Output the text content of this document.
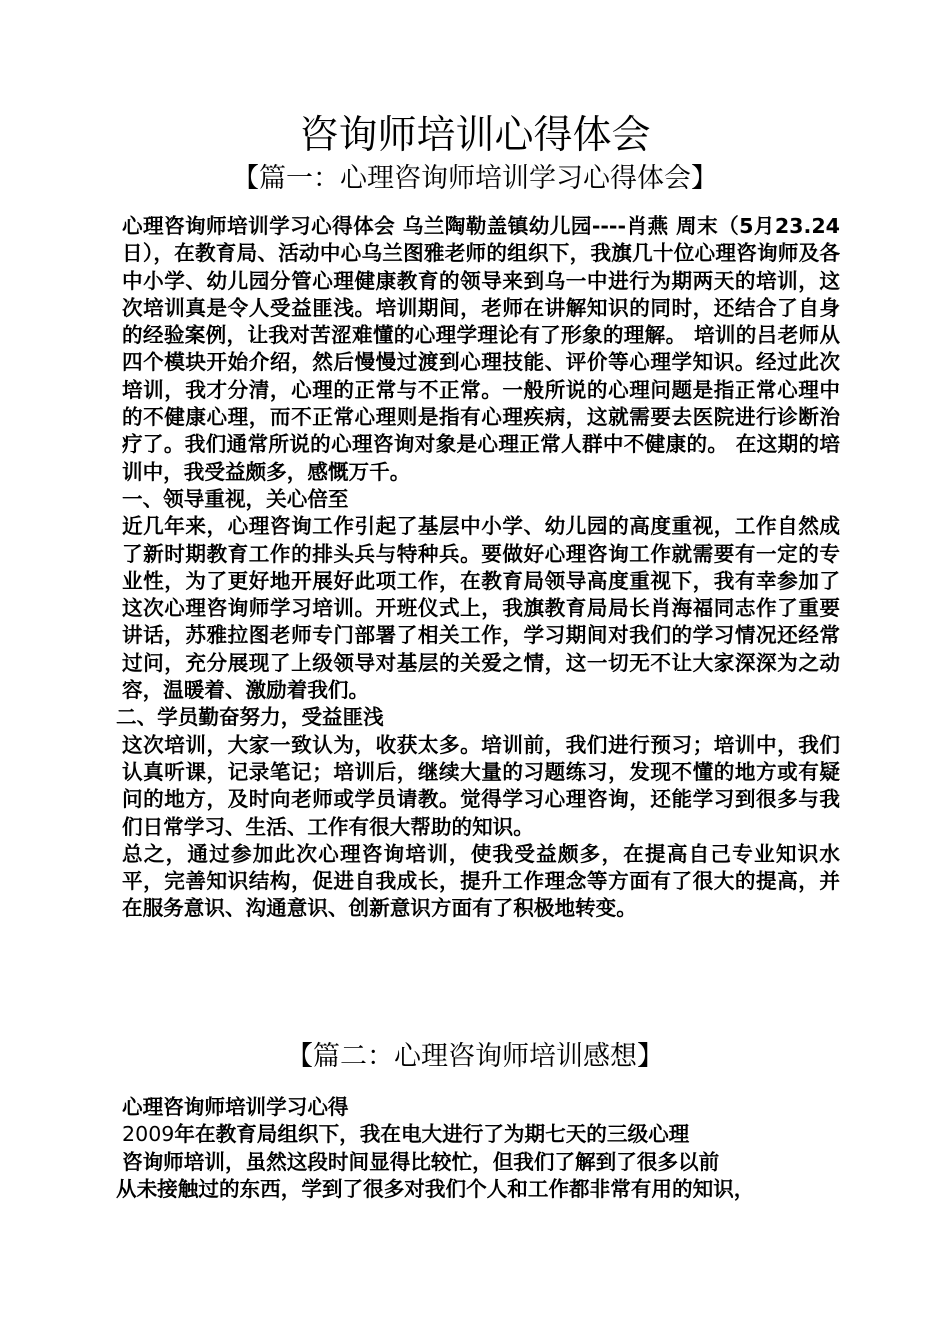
咨询师培训心得体会
【篇一：心理咨询师培训学习心得体会】

心理咨询师培训学习心得体会 乌兰陶勒盖镇幼儿园----肖燕 周末（5月23.24日），在教育局、活动中心乌兰图雅老师的组织下，我旗几十位心理咨询师及各中小学、幼儿园分管心理健康教育的领导来到乌一中进行为期两天的培训，这次培训真是令人受益匪浅。培训期间，老师在讲解知识的同时，还结合了自身的经验案例，让我对苦涩难懂的心理学理论有了形象的理解。 培训的吕老师从四个模块开始介绍，然后慢慢过渡到心理技能、评价等心理学知识。经过此次培训，我才分清，心理的正常与不正常。一般所说的心理问题是指正常心理中的不健康心理，而不正常心理则是指有心理疾病，这就需要去医院进行诊断治疗了。我们通常所说的心理咨询对象是心理正常人群中不健康的。 在这期的培训中，我受益颇多，感慨万千。

一、领导重视，关心倍至

近几年来，心理咨询工作引起了基层中小学、幼儿园的高度重视，工作自然成了新时期教育工作的排头兵与特种兵。要做好心理咨询工作就需要有一定的专业性，为了更好地开展好此项工作，在教育局领导高度重视下，我有幸参加了这次心理咨询师学习培训。开班仪式上，我旗教育局局长肖海福同志作了重要讲话，苏雅拉图老师专门部署了相关工作，学习期间对我们的学习情况还经常过问，充分展现了上级领导对基层的关爱之情，这一切无不让大家深深为之动容，温暖着、激励着我们。

二、学员勤奋努力，受益匪浅

这次培训，大家一致认为，收获太多。培训前，我们进行预习；培训中，我们认真听课，记录笔记；培训后，继续大量的习题练习，发现不懂的地方或有疑问的地方，及时向老师或学员请教。觉得学习心理咨询，还能学习到很多与我们日常学习、生活、工作有很大帮助的知识。

总之，通过参加此次心理咨询培训，使我受益颇多，在提高自己专业知识水平，完善知识结构，促进自我成长，提升工作理念等方面有了很大的提高，并在服务意识、沟通意识、创新意识方面有了积极地转变。

【篇二：心理咨询师培训感想】

心理咨询师培训学习心得

2009年在教育局组织下，我在电大进行了为期七天的三级心理

咨询师培训，虽然这段时间显得比较忙，但我们了解到了很多以前

从未接触过的东西，学到了很多对我们个人和工作都非常有用的知识，
